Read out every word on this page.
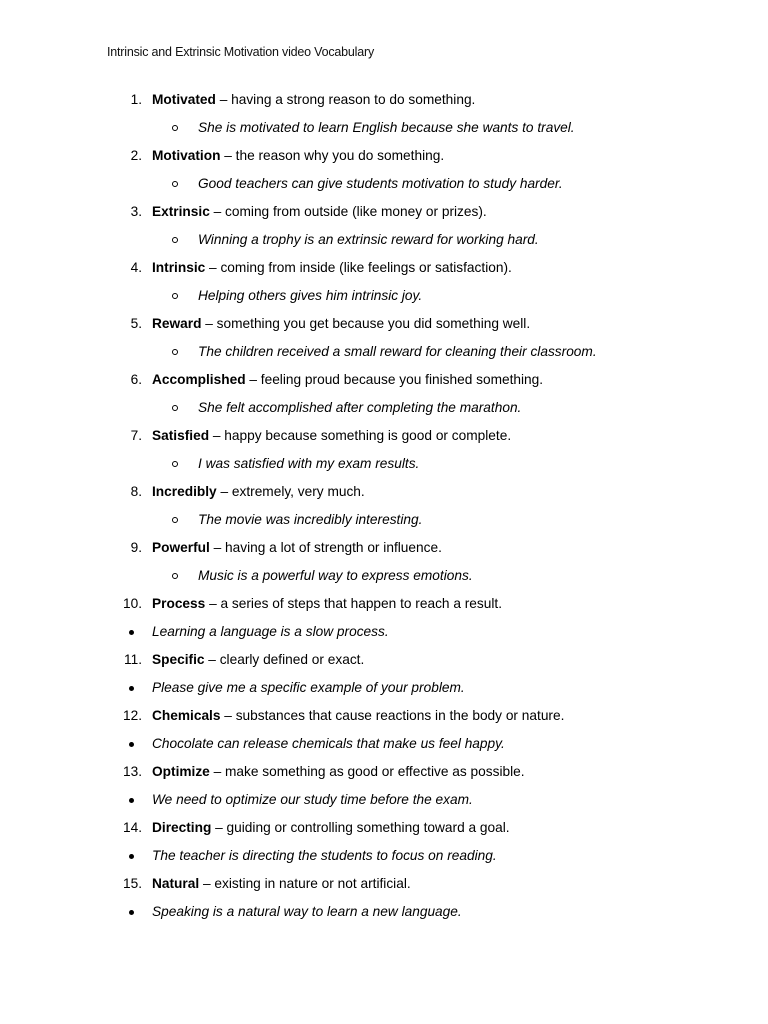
Intrinsic and Extrinsic Motivation video Vocabulary
1. Motivated – having a strong reason to do something.
She is motivated to learn English because she wants to travel.
2. Motivation – the reason why you do something.
Good teachers can give students motivation to study harder.
3. Extrinsic – coming from outside (like money or prizes).
Winning a trophy is an extrinsic reward for working hard.
4. Intrinsic – coming from inside (like feelings or satisfaction).
Helping others gives him intrinsic joy.
5. Reward – something you get because you did something well.
The children received a small reward for cleaning their classroom.
6. Accomplished – feeling proud because you finished something.
She felt accomplished after completing the marathon.
7. Satisfied – happy because something is good or complete.
I was satisfied with my exam results.
8. Incredibly – extremely, very much.
The movie was incredibly interesting.
9. Powerful – having a lot of strength or influence.
Music is a powerful way to express emotions.
10. Process – a series of steps that happen to reach a result.
Learning a language is a slow process.
11. Specific – clearly defined or exact.
Please give me a specific example of your problem.
12. Chemicals – substances that cause reactions in the body or nature.
Chocolate can release chemicals that make us feel happy.
13. Optimize – make something as good or effective as possible.
We need to optimize our study time before the exam.
14. Directing – guiding or controlling something toward a goal.
The teacher is directing the students to focus on reading.
15. Natural – existing in nature or not artificial.
Speaking is a natural way to learn a new language.
